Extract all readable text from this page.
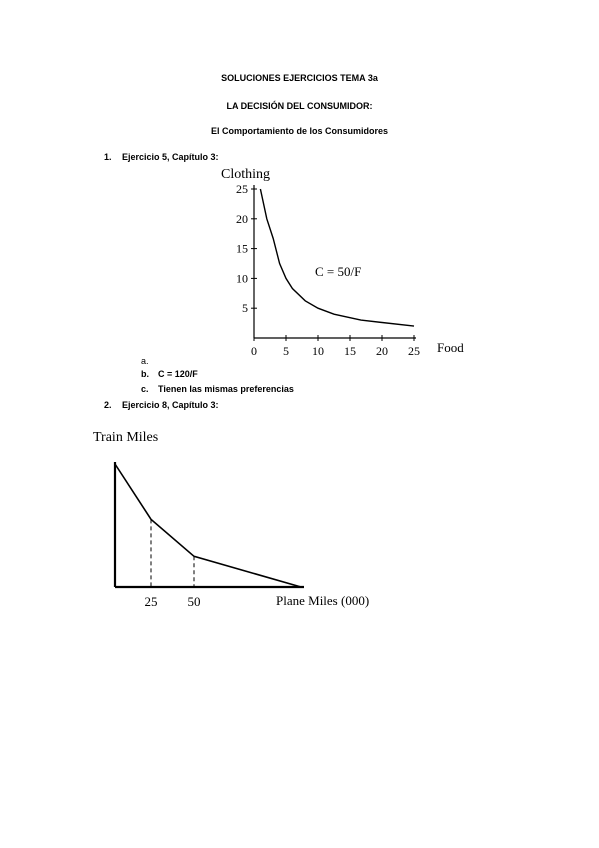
SOLUCIONES EJERCICIOS TEMA 3a
LA DECISIÓN DEL CONSUMIDOR:
El Comportamiento de los Consumidores
1. Ejercicio 5, Capítulo 3:
5
10
15
20
25
0 5 10 15 20 25
Clothing
Food
C = 50/F
a.
b. C = 120/F
c. Tienen las mismas preferencias
2. Ejercicio 8, Capítulo 3:
25 50
Train Miles
Plane Miles (000)
